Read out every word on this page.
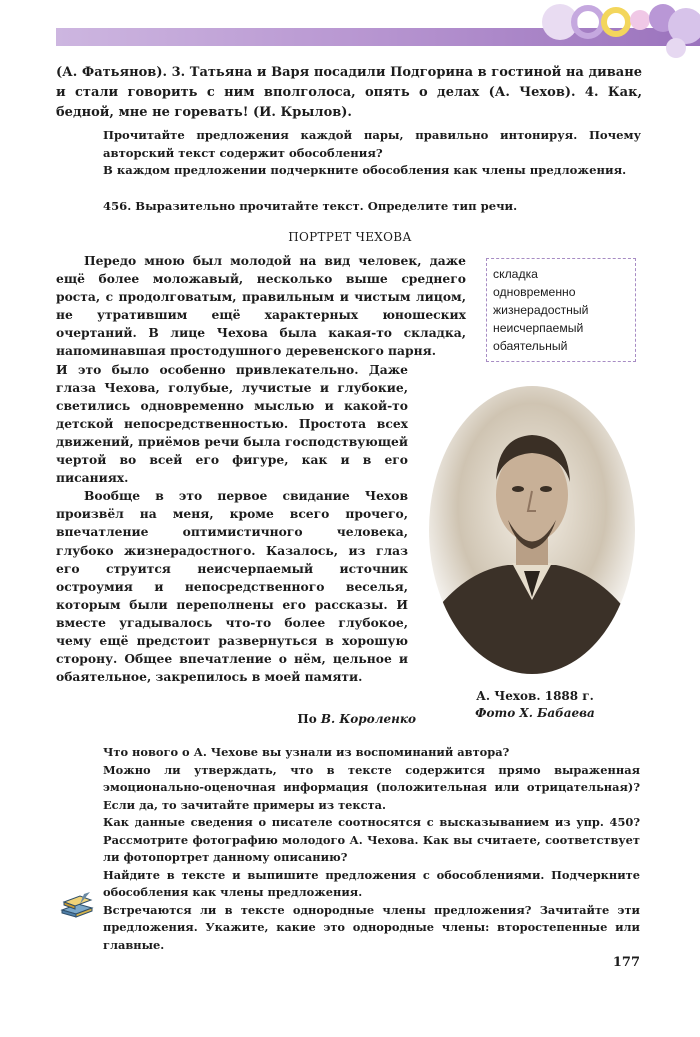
(А. Фатьянов). 3. Татьяна и Варя посадили Подгорина в гостиной на диване и стали говорить с ним вполголоса, опять о делах (А. Чехов). 4. Как, бедной, мне не горевать! (И. Крылов).
Прочитайте предложения каждой пары, правильно интонируя. Почему авторский текст содержит обособления?
В каждом предложении подчеркните обособления как члены предложения.
456. Выразительно прочитайте текст. Определите тип речи.
ПОРТРЕТ ЧЕХОВА

Передо мною был молодой на вид человек, даже ещё более моложавый, несколько выше среднего роста, с продолговатым, правильным и чистым лицом, не утратившим ещё характерных юношеских очертаний. В лице Чехова была какая-то складка, напоминавшая простодушного деревенского парня.

И это было особенно привлекательно. Даже глаза Чехова, голубые, лучистые и глубокие, светились одновременно мыслью и какой-то детской непосредственностью. Простота всех движений, приёмов речи была господствующей чертой во всей его фигуре, как и в его писаниях.

Вообще в это первое свидание Чехов произвёл на меня, кроме всего прочего, впечатление оптимистичного человека, глубоко жизнерадостного. Казалось, из глаз его струится неисчерпаемый источник остроумия и непосредственного веселья, которым были переполнены его рассказы. И вместе угадывалось что-то более глубокое, чему ещё предстоит развернуться в хорошую сторону. Общее впечатление о нём, цельное и обаятельное, закрепилось в моей памяти.

складка
одновременно
жизнерадостный
неисчерпаемый
обаятельный
А. Чехов. 1888 г.
Фото Х. Бабаева
По В. Короленко
Что нового о А. Чехове вы узнали из воспоминаний автора?
Можно ли утверждать, что в тексте содержится прямо выраженная эмоционально-оценочная информация (положительная или отрицательная)? Если да, то зачитайте примеры из текста.
Как данные сведения о писателе соотносятся с высказыванием из упр. 450? Рассмотрите фотографию молодого А. Чехова. Как вы считаете, соответствует ли фотопортрет данному описанию?
Найдите в тексте и выпишите предложения с обособлениями. Подчеркните обособления как члены предложения.
Встречаются ли в тексте однородные члены предложения? Зачитайте эти предложения. Укажите, какие это однородные члены: второстепенные или главные.
177
